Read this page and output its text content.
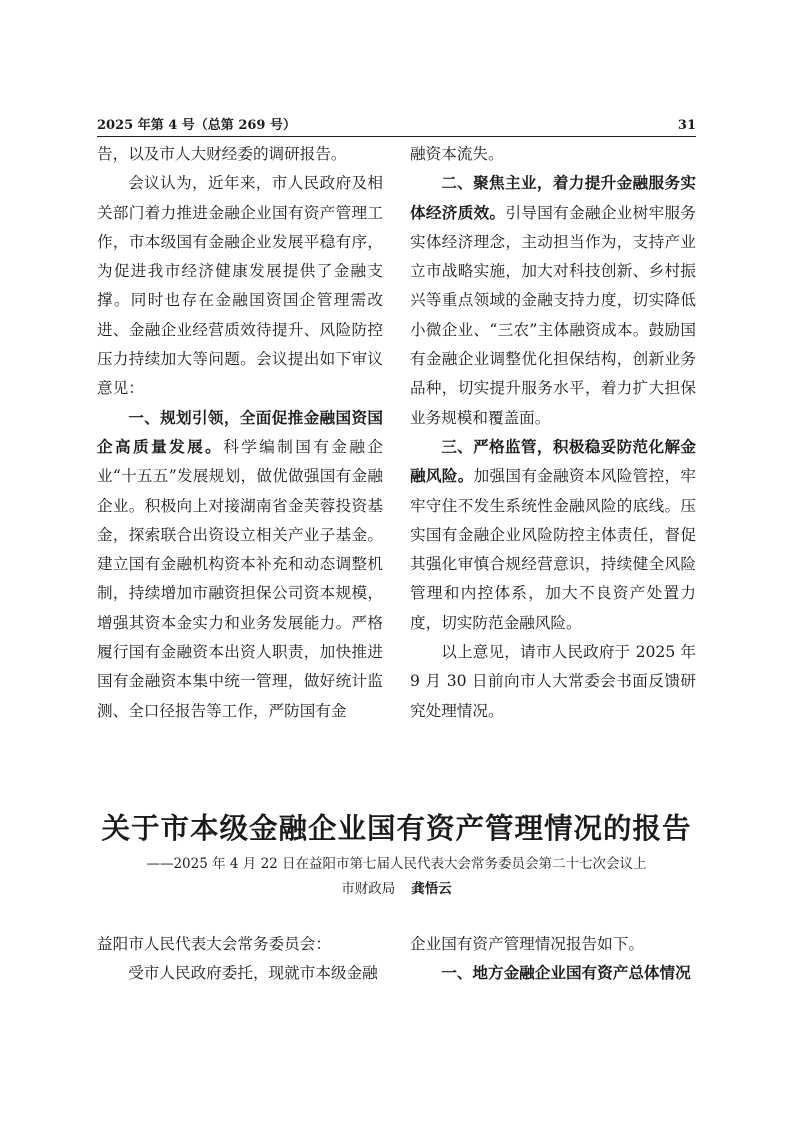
2025 年第 4 号（总第 269 号）	31

告，以及市人大财经委的调研报告。

会议认为，近年来，市人民政府及相关部门着力推进金融企业国有资产管理工作，市本级国有金融企业发展平稳有序，为促进我市经济健康发展提供了金融支撑。同时也存在金融国资国企管理需改进、金融企业经营质效待提升、风险防控压力持续加大等问题。会议提出如下审议意见：

一、规划引领，全面促推金融国资国企高质量发展。科学编制国有金融企业“十五五”发展规划，做优做强国有金融企业。积极向上对接湖南省金芙蓉投资基金，探索联合出资设立相关产业子基金。建立国有金融机构资本补充和动态调整机制，持续增加市融资担保公司资本规模，增强其资本金实力和业务发展能力。严格履行国有金融资本出资人职责，加快推进国有金融资本集中统一管理，做好统计监测、全口径报告等工作，严防国有金

融资本流失。

二、聚焦主业，着力提升金融服务实体经济质效。引导国有金融企业树牢服务实体经济理念，主动担当作为，支持产业立市战略实施，加大对科技创新、乡村振兴等重点领域的金融支持力度，切实降低小微企业、“三农”主体融资成本。鼓励国有金融企业调整优化担保结构，创新业务品种，切实提升服务水平，着力扩大担保业务规模和覆盖面。

三、严格监管，积极稳妥防范化解金融风险。加强国有金融资本风险管控，牢牢守住不发生系统性金融风险的底线。压实国有金融企业风险防控主体责任，督促其强化审慎合规经营意识，持续健全风险管理和内控体系，加大不良资产处置力度，切实防范金融风险。

以上意见，请市人民政府于 2025 年 9 月 30 日前向市人大常委会书面反馈研究处理情况。

关于市本级金融企业国有资产管理情况的报告
——2025 年 4 月 22 日在益阳市第七届人民代表大会常务委员会第二十七次会议上
市财政局 龚悟云

益阳市人民代表大会常务委员会：

受市人民政府委托，现就市本级金融

企业国有资产管理情况报告如下。

一、地方金融企业国有资产总体情况
